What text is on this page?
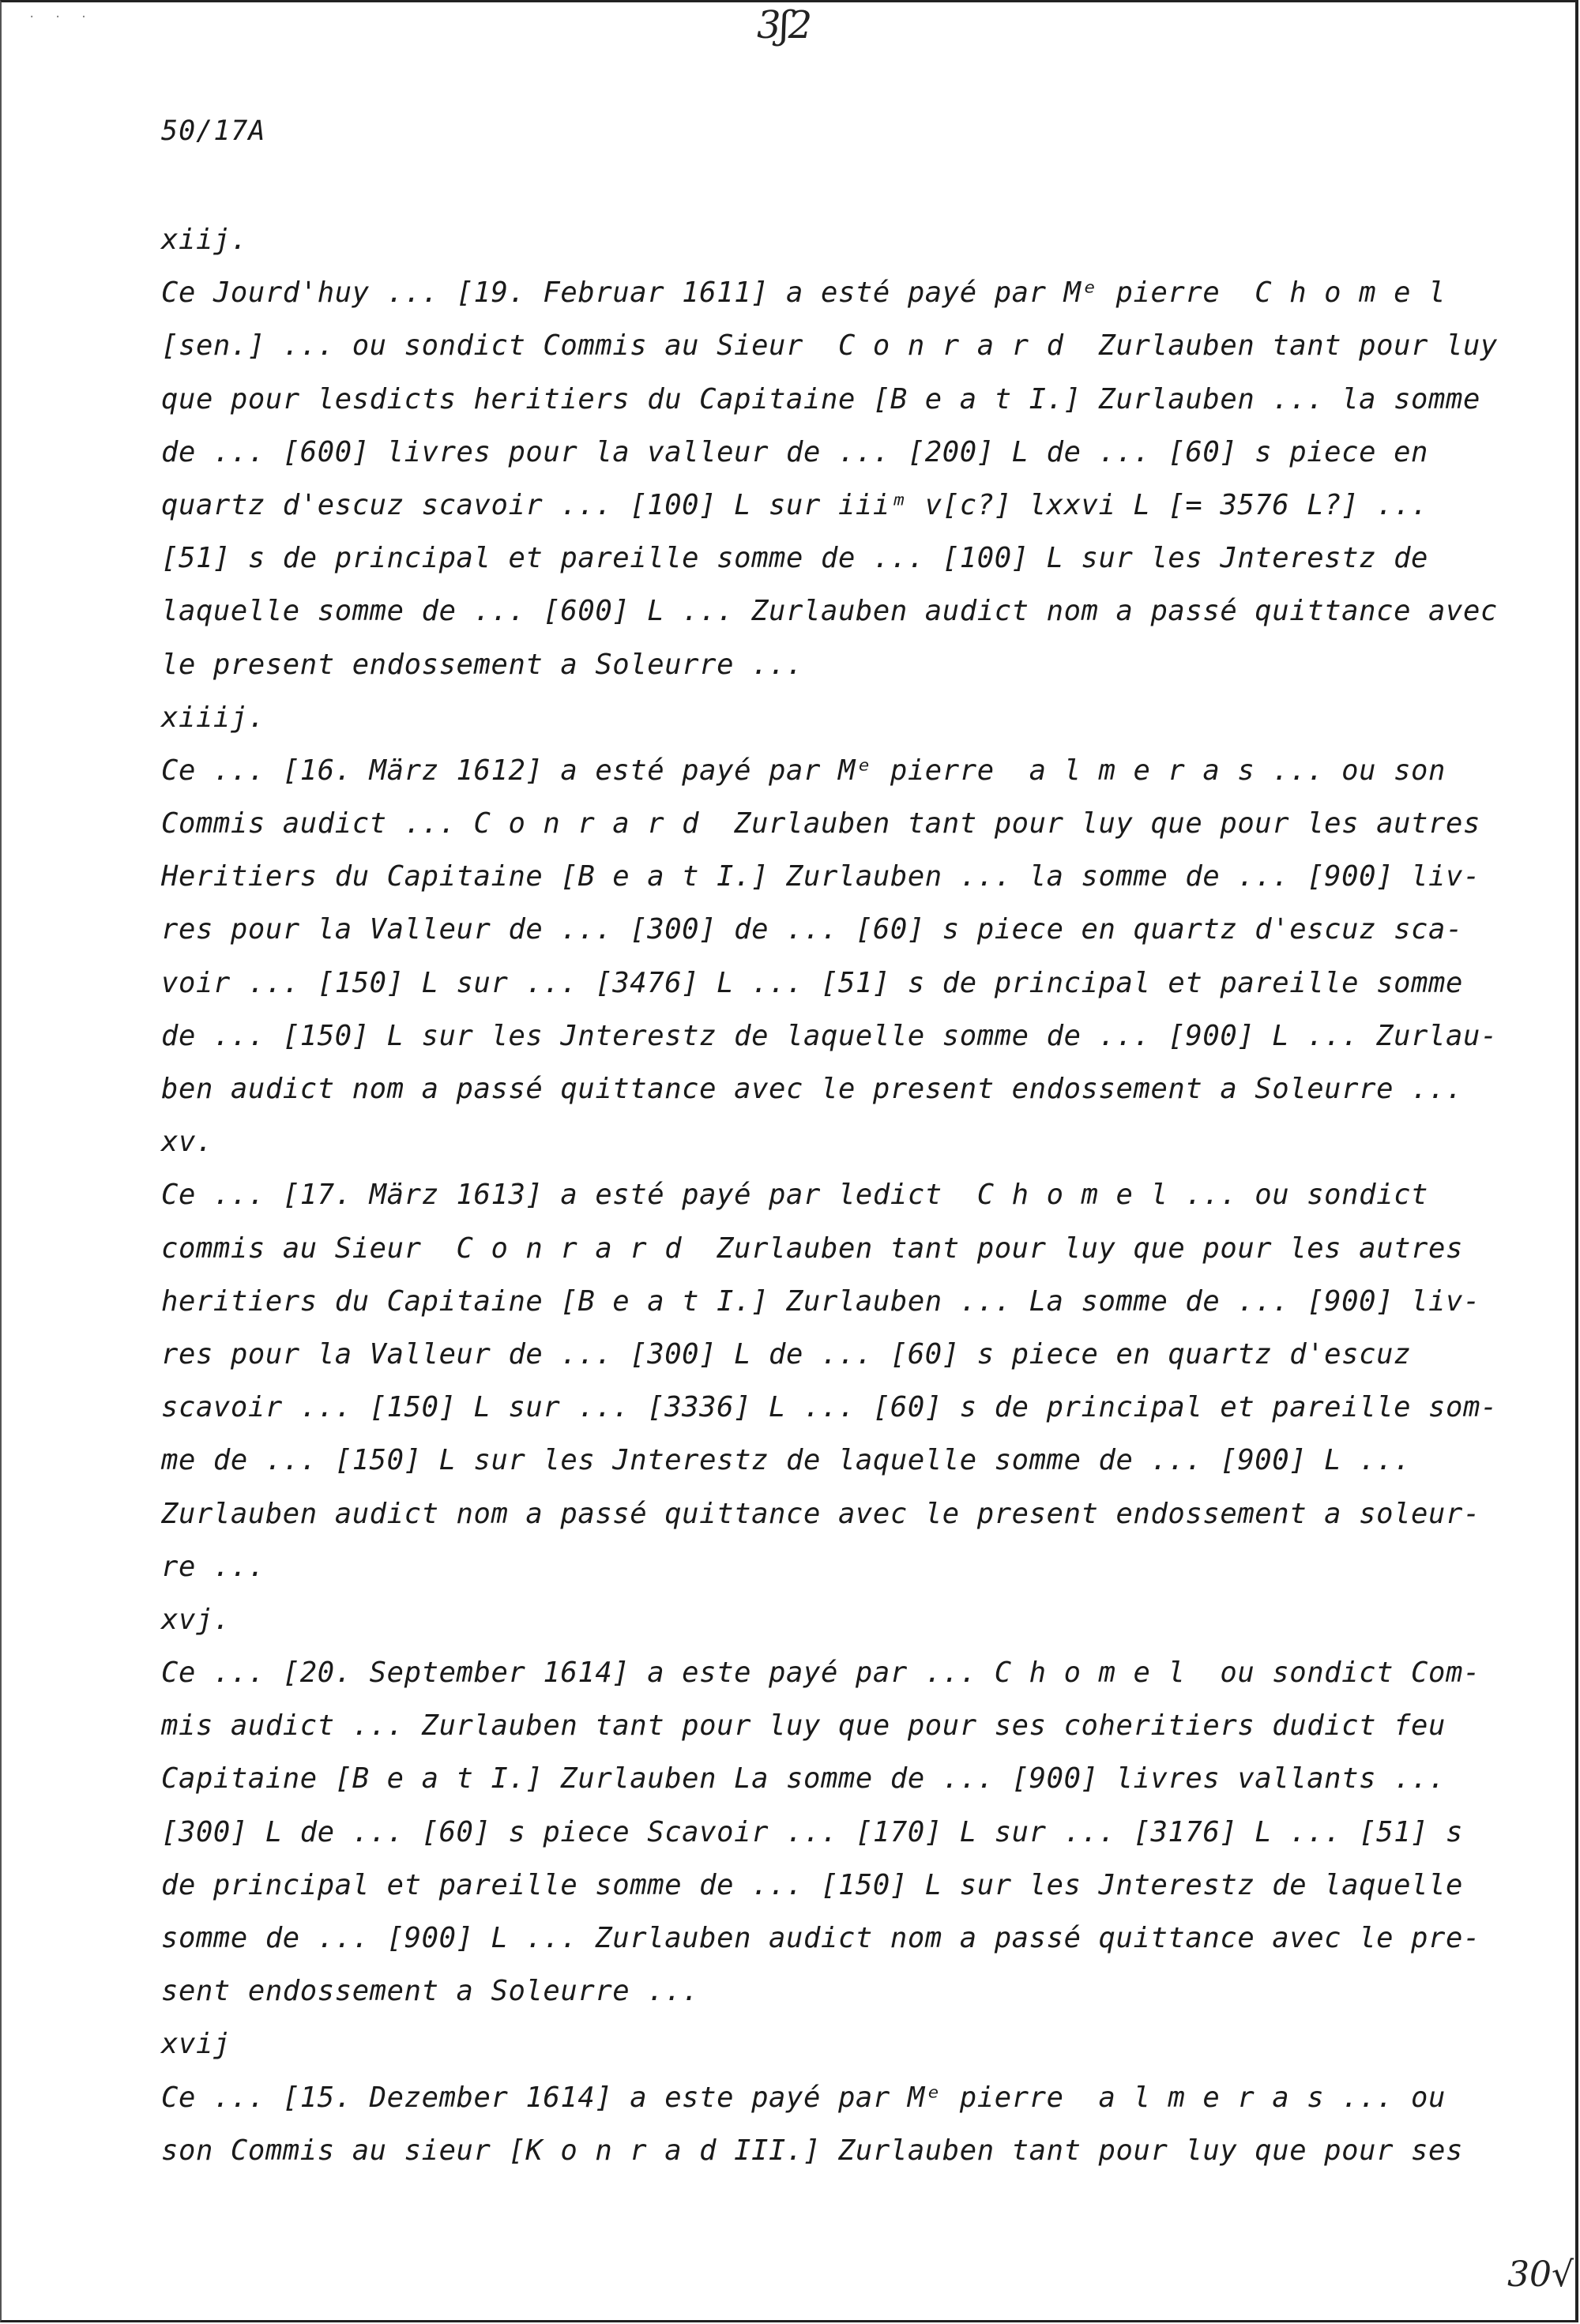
· · ·	3ʃ2
50/17A
xiij.
Ce Jourd'huy ... [19. Februar 1611] a esté payé par Mᵉ pierre  C h o m e l
[sen.] ... ou sondict Commis au Sieur  C o n r a r d  Zurlauben tant pour luy
que pour lesdicts heritiers du Capitaine [B e a t I.] Zurlauben ... la somme
de ... [600] livres pour la valleur de ... [200] L de ... [60] s piece en
quartz d'escuz scavoir ... [100] L sur iiiᵐ v[c?] lxxvi L [= 3576 L?] ...
[51] s de principal et pareille somme de ... [100] L sur les Jnterestz de
laquelle somme de ... [600] L ... Zurlauben audict nom a passé quittance avec
le present endossement a Soleurre ...
xiiij.
Ce ... [16. März 1612] a esté payé par Mᵉ pierre  a l m e r a s ... ou son
Commis audict ... C o n r a r d  Zurlauben tant pour luy que pour les autres
Heritiers du Capitaine [B e a t I.] Zurlauben ... la somme de ... [900] liv-
res pour la Valleur de ... [300] de ... [60] s piece en quartz d'escuz sca-
voir ... [150] L sur ... [3476] L ... [51] s de principal et pareille somme
de ... [150] L sur les Jnterestz de laquelle somme de ... [900] L ... Zurlau-
ben audict nom a passé quittance avec le present endossement a Soleurre ...
xv.
Ce ... [17. März 1613] a esté payé par ledict  C h o m e l ... ou sondict
commis au Sieur  C o n r a r d  Zurlauben tant pour luy que pour les autres
heritiers du Capitaine [B e a t I.] Zurlauben ... La somme de ... [900] liv-
res pour la Valleur de ... [300] L de ... [60] s piece en quartz d'escuz
scavoir ... [150] L sur ... [3336] L ... [60] s de principal et pareille som-
me de ... [150] L sur les Jnterestz de laquelle somme de ... [900] L ...
Zurlauben audict nom a passé quittance avec le present endossement a soleur-
re ...
xvj.
Ce ... [20. September 1614] a este payé par ... C h o m e l  ou sondict Com-
mis audict ... Zurlauben tant pour luy que pour ses coheritiers dudict feu
Capitaine [B e a t I.] Zurlauben La somme de ... [900] livres vallants ...
[300] L de ... [60] s piece Scavoir ... [170] L sur ... [3176] L ... [51] s
de principal et pareille somme de ... [150] L sur les Jnterestz de laquelle
somme de ... [900] L ... Zurlauben audict nom a passé quittance avec le pre-
sent endossement a Soleurre ...
xvij
Ce ... [15. Dezember 1614] a este payé par Mᵉ pierre  a l m e r a s ... ou
son Commis au sieur [K o n r a d III.] Zurlauben tant pour luy que pour ses
30√
